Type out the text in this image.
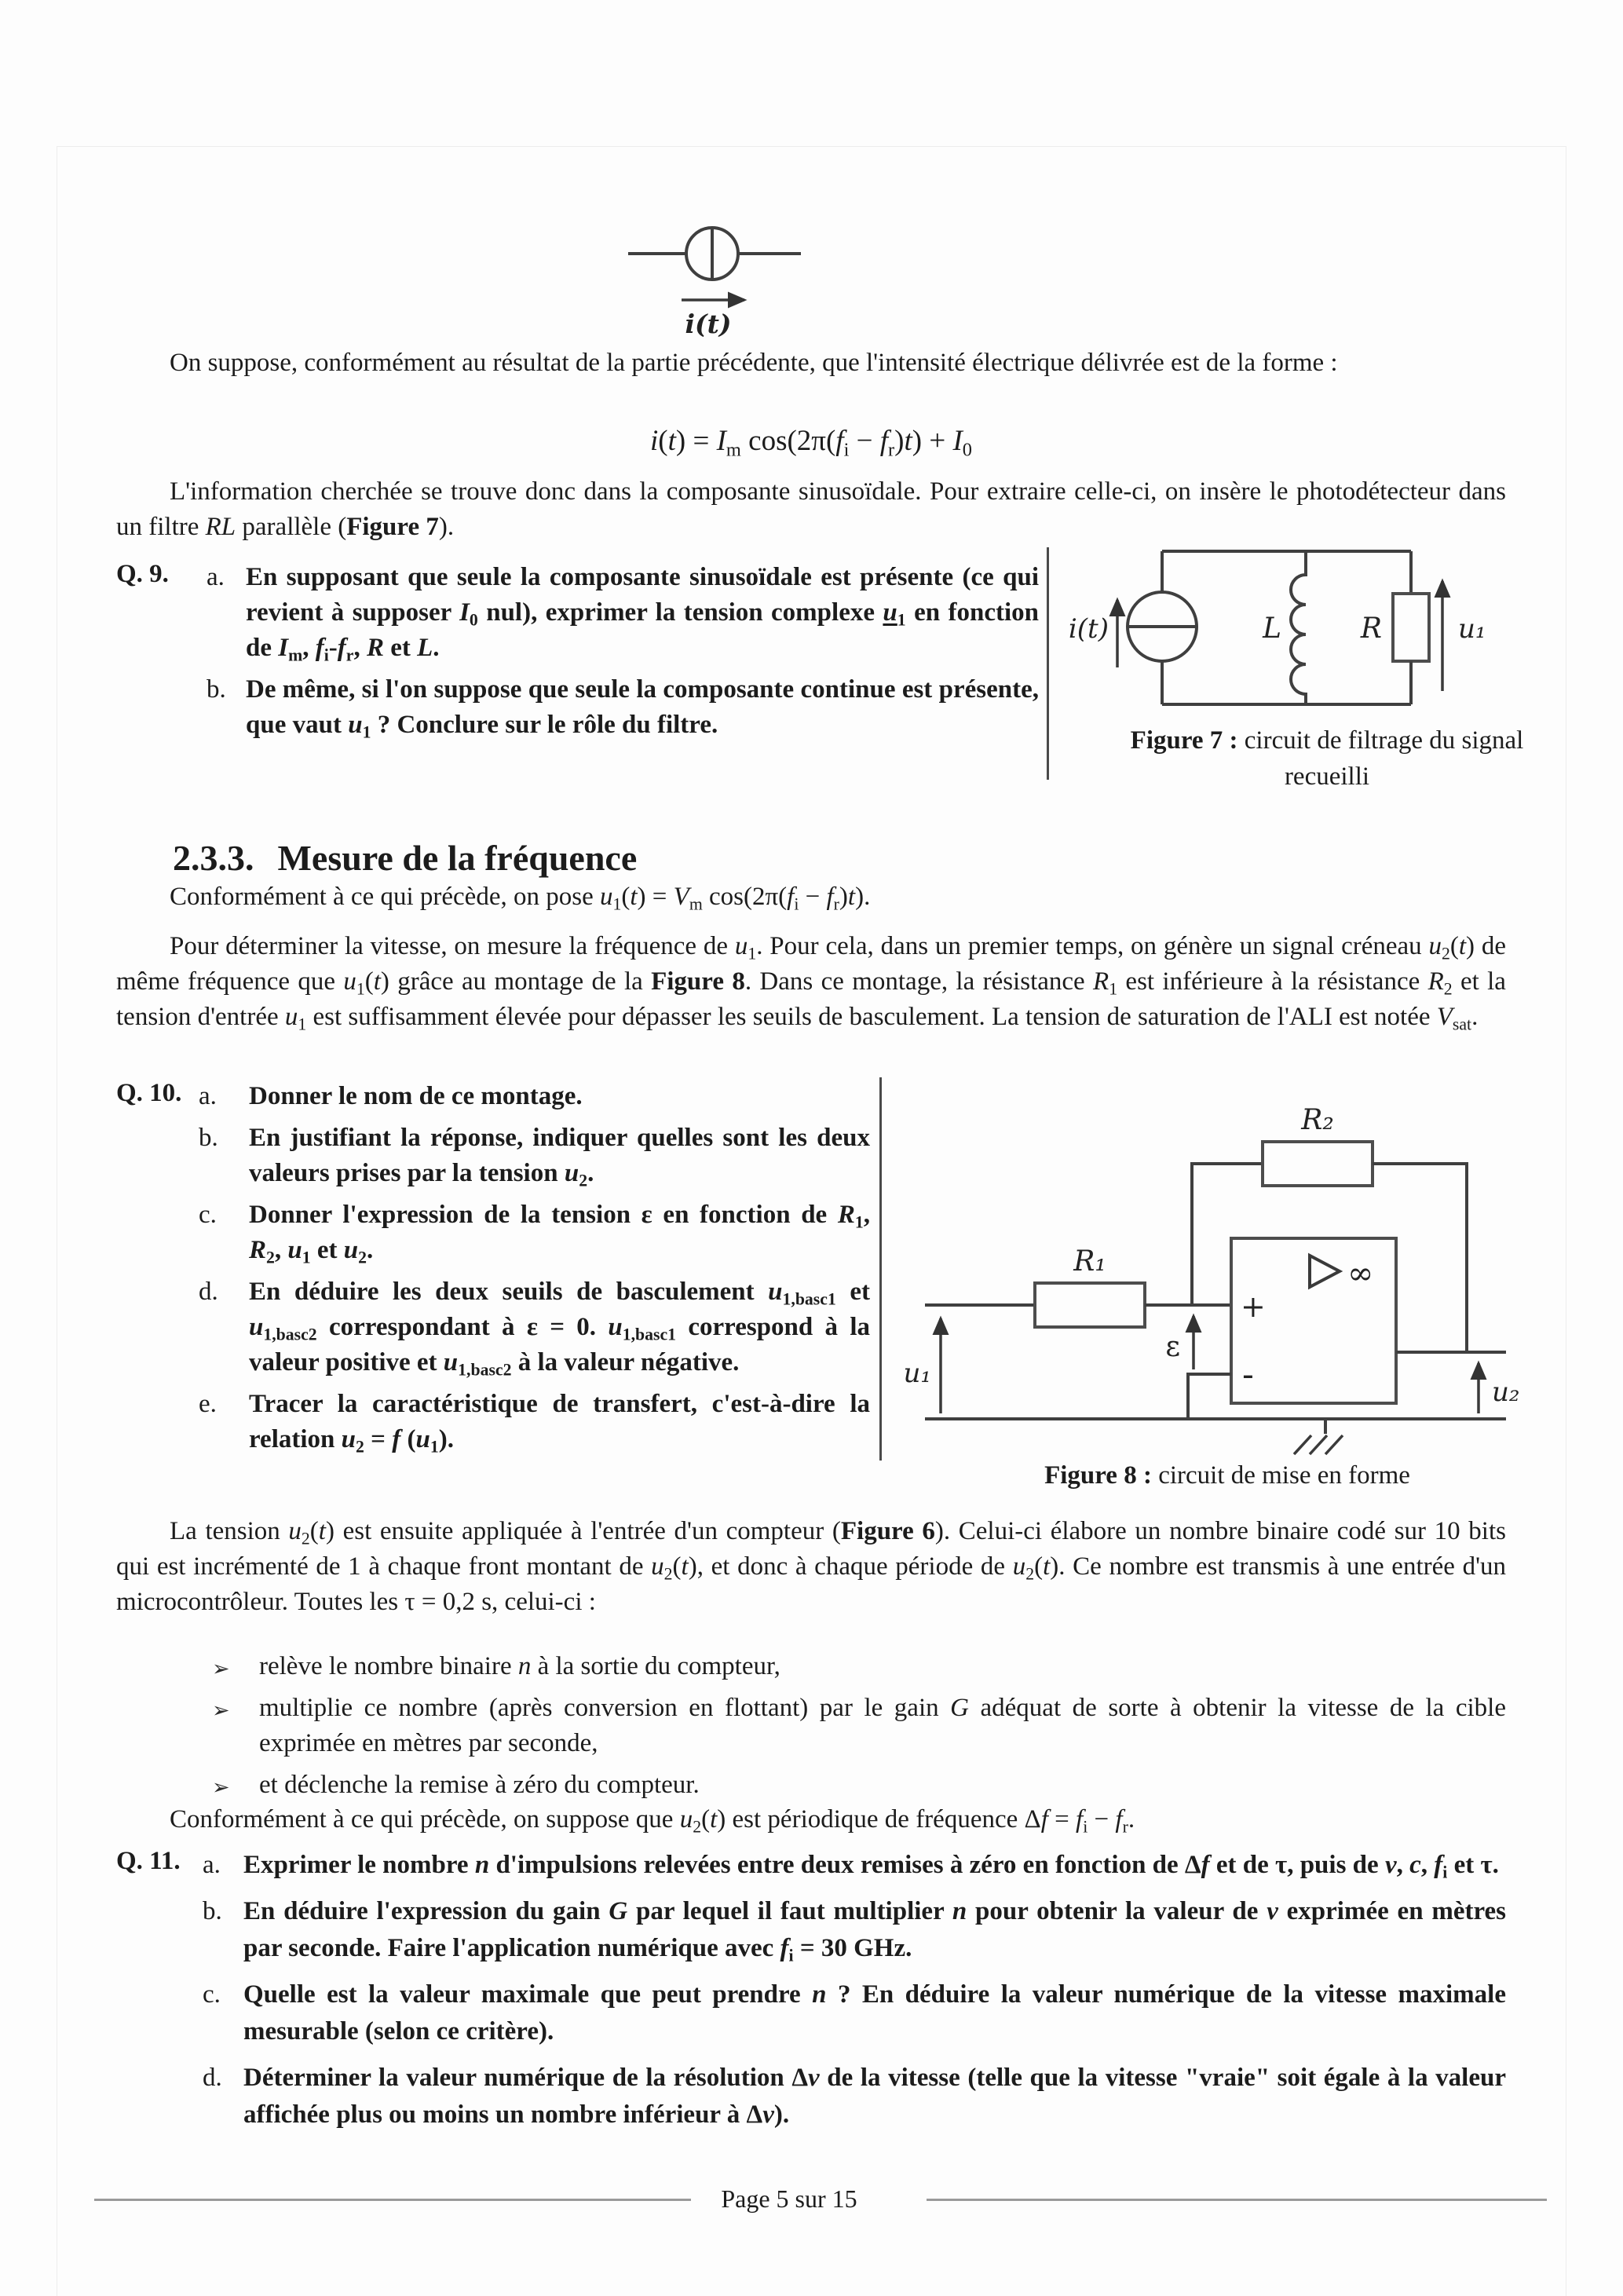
i(t)
On suppose, conformément au résultat de la partie précédente, que l'intensité électrique délivrée est de la forme :
$i(t) = I_m$ $\cos(2\pi(f_i - f_r)t) + I_0$
L'information cherchée se trouve donc dans la composante sinusoïdale. Pour extraire celle-ci, on insère le photodétecteur dans un filtre RL parallèle (Figure 7).
Q. 9. a. En supposant que seule la composante sinusoïdale est présente (ce qui revient à supposer $I_0$ nul), exprimer la tension complexe $u_1$ en fonction de $I_m$, $f_i-f_r$, R et L.
b. De même, si l'on suppose que seule la composante continue est présente, que vaut $u_1$ ? Conclure sur le rôle du filtre.
i(t)	L	R	u₁
Figure 7 : circuit de filtrage du signal recueilli
2.3.3. Mesure de la fréquence
Conformément à ce qui précède, on pose $u_1(t) = V_m$ $\cos(2\pi(f_i - f_r)t)$.
Pour déterminer la vitesse, on mesure la fréquence de $u_1$. Pour cela, dans un premier temps, on génère un signal créneau $u_2(t)$ de même fréquence que $u_1(t)$ grâce au montage de la Figure 8. Dans ce montage, la résistance $R_1$ est inférieure à la résistance $R_2$ et la tension d'entrée $u_1$ est suffisamment élevée pour dépasser les seuils de basculement. La tension de saturation de l'ALI est notée $V_{sat}$.
Q. 10. a. Donner le nom de ce montage.
b. En justifiant la réponse, indiquer quelles sont les deux valeurs prises par la tension $u_2$.
c. Donner l'expression de la tension ε en fonction de $R_1$, $R_2$, $u_1$ et $u_2$.
d. En déduire les deux seuils de basculement $u_{1,basc1}$ et $u_{1,basc2}$ correspondant à ε = 0. $u_{1,basc1}$ correspond à la valeur positive et $u_{1,basc2}$ à la valeur négative.
e. Tracer la caractéristique de transfert, c'est-à-dire la relation $u_2 = f$ $(u_1)$.
R₁
R₂
∞
+
-
ε
u₁
u₂
Figure 8 : circuit de mise en forme
La tension $u_2(t)$ est ensuite appliquée à l'entrée d'un compteur (Figure 6). Celui-ci élabore un nombre binaire codé sur 10 bits qui est incrémenté de 1 à chaque front montant de $u_2(t)$, et donc à chaque période de $u_2(t)$. Ce nombre est transmis à une entrée d'un microcontrôleur. Toutes les τ = 0,2 s, celui-ci :
➢ relève le nombre binaire n à la sortie du compteur,
➢ multiplie ce nombre (après conversion en flottant) par le gain G adéquat de sorte à obtenir la vitesse de la cible exprimée en mètres par seconde,
➢ et déclenche la remise à zéro du compteur.
Conformément à ce qui précède, on suppose que $u_2(t)$ est périodique de fréquence $\Delta f = f_i - f_r$.
Q. 11. a. Exprimer le nombre n d'impulsions relevées entre deux remises à zéro en fonction de Δf et de τ, puis de v, c, $f_i$ et τ.
b. En déduire l'expression du gain G par lequel il faut multiplier n pour obtenir la valeur de v exprimée en mètres par seconde. Faire l'application numérique avec $f_i = 30$ GHz.
c. Quelle est la valeur maximale que peut prendre n ? En déduire la valeur numérique de la vitesse maximale mesurable (selon ce critère).
d. Déterminer la valeur numérique de la résolution Δv de la vitesse (telle que la vitesse "vraie" soit égale à la valeur affichée plus ou moins un nombre inférieur à Δv).
Page 5 sur 15
